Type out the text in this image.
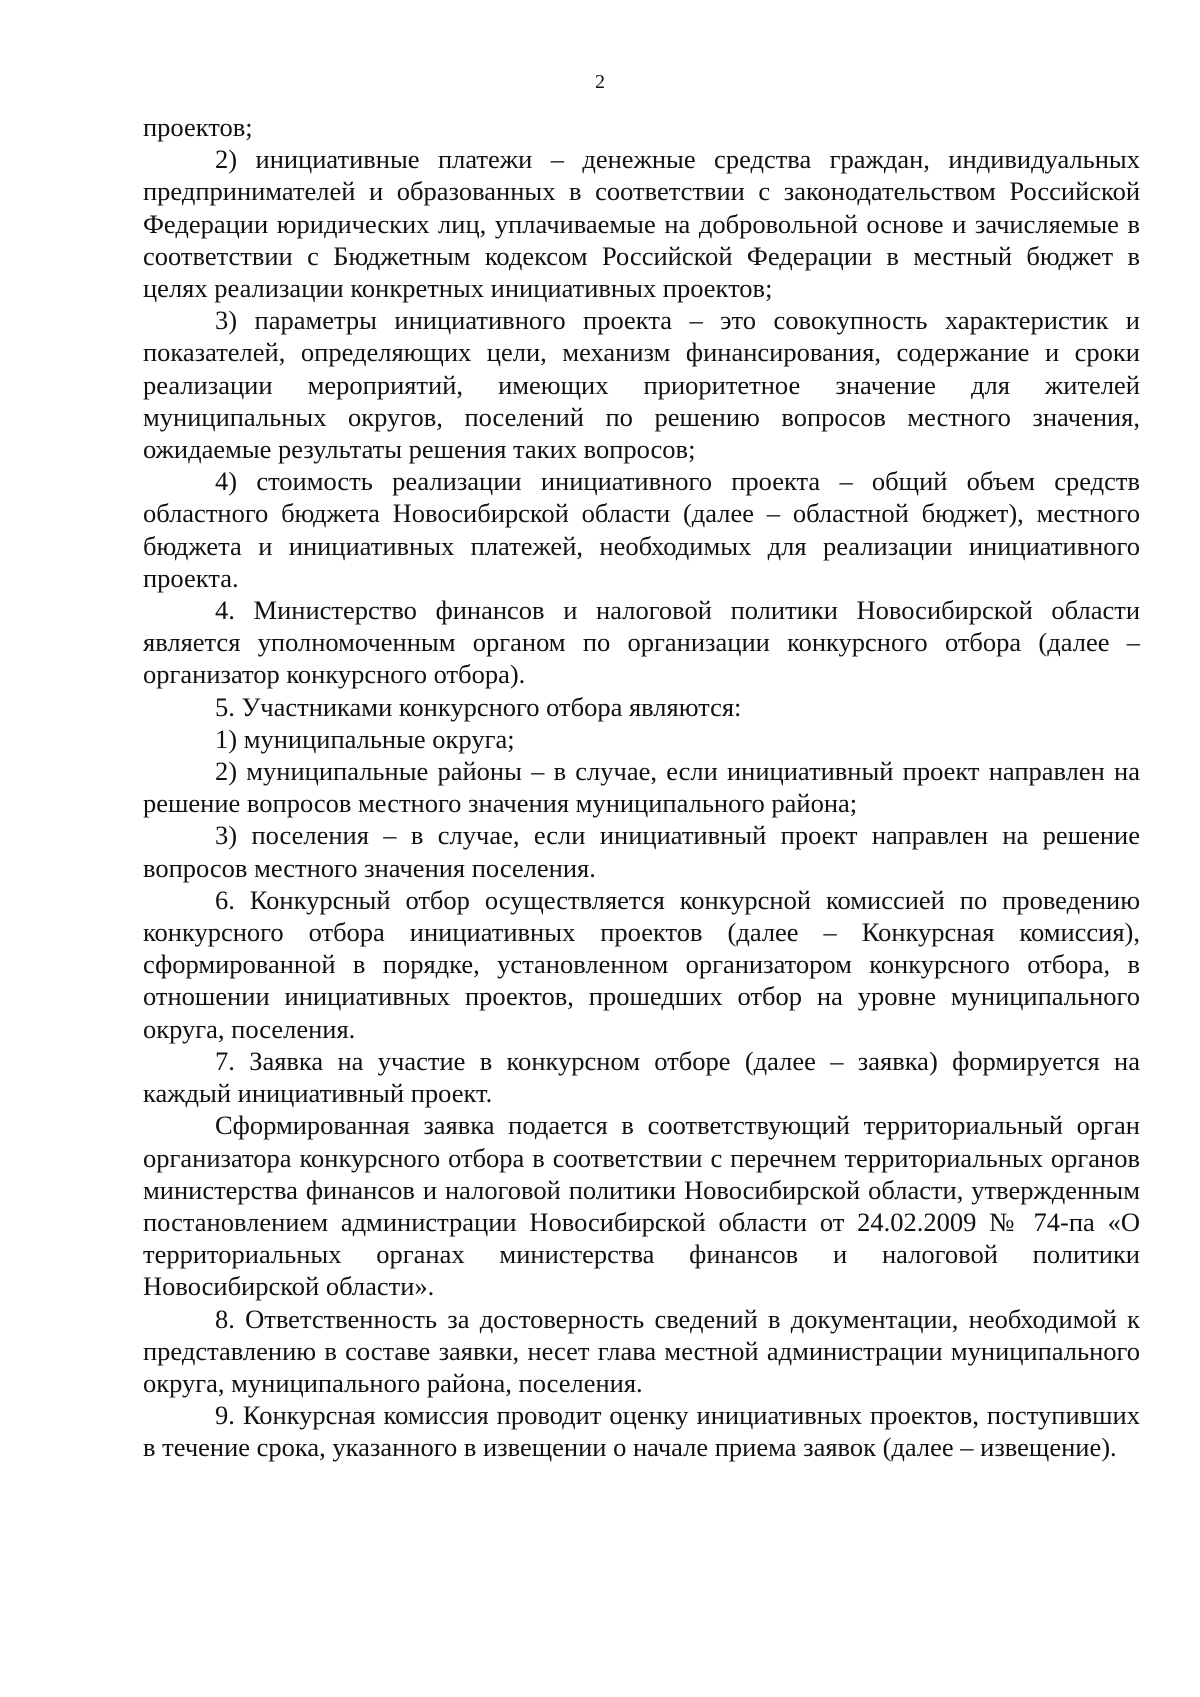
2

проектов;

2) инициативные платежи – денежные средства граждан, индивидуальных предпринимателей и образованных в соответствии с законодательством Российской Федерации юридических лиц, уплачиваемые на добровольной основе и зачисляемые в соответствии с Бюджетным кодексом Российской Федерации в местный бюджет в целях реализации конкретных инициативных проектов;

3) параметры инициативного проекта – это совокупность характеристик и показателей, определяющих цели, механизм финансирования, содержание и сроки реализации мероприятий, имеющих приоритетное значение для жителей муниципальных округов, поселений по решению вопросов местного значения, ожидаемые результаты решения таких вопросов;

4) стоимость реализации инициативного проекта – общий объем средств областного бюджета Новосибирской области (далее – областной бюджет), местного бюджета и инициативных платежей, необходимых для реализации инициативного проекта.

4. Министерство финансов и налоговой политики Новосибирской области является уполномоченным органом по организации конкурсного отбора (далее – организатор конкурсного отбора).

5. Участниками конкурсного отбора являются:

1) муниципальные округа;

2) муниципальные районы – в случае, если инициативный проект направлен на решение вопросов местного значения муниципального района;

3) поселения – в случае, если инициативный проект направлен на решение вопросов местного значения поселения.

6. Конкурсный отбор осуществляется конкурсной комиссией по проведению конкурсного отбора инициативных проектов (далее – Конкурсная комиссия), сформированной в порядке, установленном организатором конкурсного отбора, в отношении инициативных проектов, прошедших отбор на уровне муниципального округа, поселения.

7. Заявка на участие в конкурсном отборе (далее – заявка) формируется на каждый инициативный проект.

Сформированная заявка подается в соответствующий территориальный орган организатора конкурсного отбора в соответствии с перечнем территориальных органов министерства финансов и налоговой политики Новосибирской области, утвержденным постановлением администрации Новосибирской области от 24.02.2009 № 74-па «О территориальных органах министерства финансов и налоговой политики Новосибирской области».

8. Ответственность за достоверность сведений в документации, необходимой к представлению в составе заявки, несет глава местной администрации муниципального округа, муниципального района, поселения.

9. Конкурсная комиссия проводит оценку инициативных проектов, поступивших в течение срока, указанного в извещении о начале приема заявок (далее – извещение).
